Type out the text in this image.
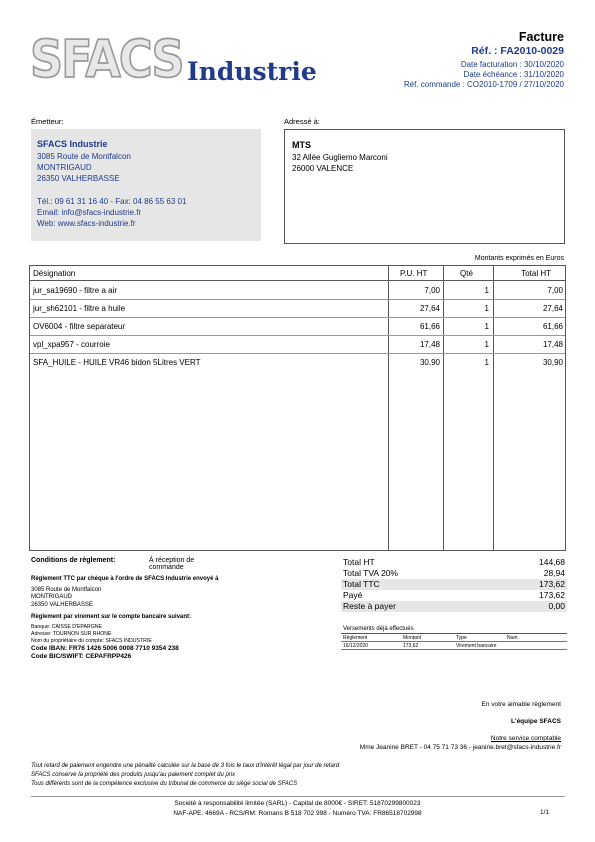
SFACS Industrie
Facture
Réf. : FA2010-0029
Date facturation : 30/10/2020
Date échéance : 31/10/2020
Réf. commande : CO2010-1709 / 27/10/2020
Émetteur:
SFACS Industrie
3085 Route de Montfalcon
MONTRIGAUD
26350 VALHERBASSE
Tél.: 09 61 31 16 40 - Fax: 04 86 55 63 01
Email: info@sfacs-industrie.fr
Web: www.sfacs-industrie.fr
Adressé à:
MTS
32 Allée Gugliemo Marconi
26000 VALENCE
Montants exprimés en Euros
Désignation	P.U. HT	Qté	Total HT
jur_sa19690 - filtre a air	7,00	1	7,00
jur_sh62101 - filtre a huile	27,64	1	27,64
OV6004 - filtre separateur	61,66	1	61,66
vpl_xpa957 - courroie	17,48	1	17,48
SFA_HUILE - HUILE VR46 bidon 5Litres VERT	30,90	1	30,90
Conditions de règlement:	À réception de commande
Règlement TTC par chèque à l'ordre de SFACS Industrie envoyé à
3085 Route de Montfalcon
MONTRIGAUD
26350 VALHERBASSE
Règlement par virement sur le compte bancaire suivant:
Banque: CAISSE D'EPARGNE
Adresse: TOURNON SUR RHONE
Nom du propriétaire du compte: SFACS INDUSTRIE
Code IBAN: FR76 1426 5006 0008 7710 9354 238
Code BIC/SWIFT: CEPAFRPP426
Total HT	144,68
Total TVA 20%	28,94
Total TTC	173,62
Payé	173,62
Reste à payer	0,00
Versements déjà effectués
Règlement	Montant	Type	Num
16/12/2020	173,62	Virement bancaire
En votre aimable règlement
L'équipe SFACS
Notre service comptable
Mme Jeanine BRET - 04 75 71 73 36 - jeanine.bret@sfacs-industrie.fr
Tout retard de paiement engendre une pénalité calculée sur la base de 3 fois le taux d'intérêt légal par jour de retard
SFACS conserve la propriété des produits jusqu'au paiement complet du prix
Tous différents sont de la compétence exclusive du tribunal de commerce du siège social de SFACS
Société à responsabilité limitée (SARL) - Capital de 8000€ - SIRET: 51870299800023
NAF-APE: 4669A - RCS/RM: Romans B 518 702 998 - Numéro TVA: FR86518702998	1/1
